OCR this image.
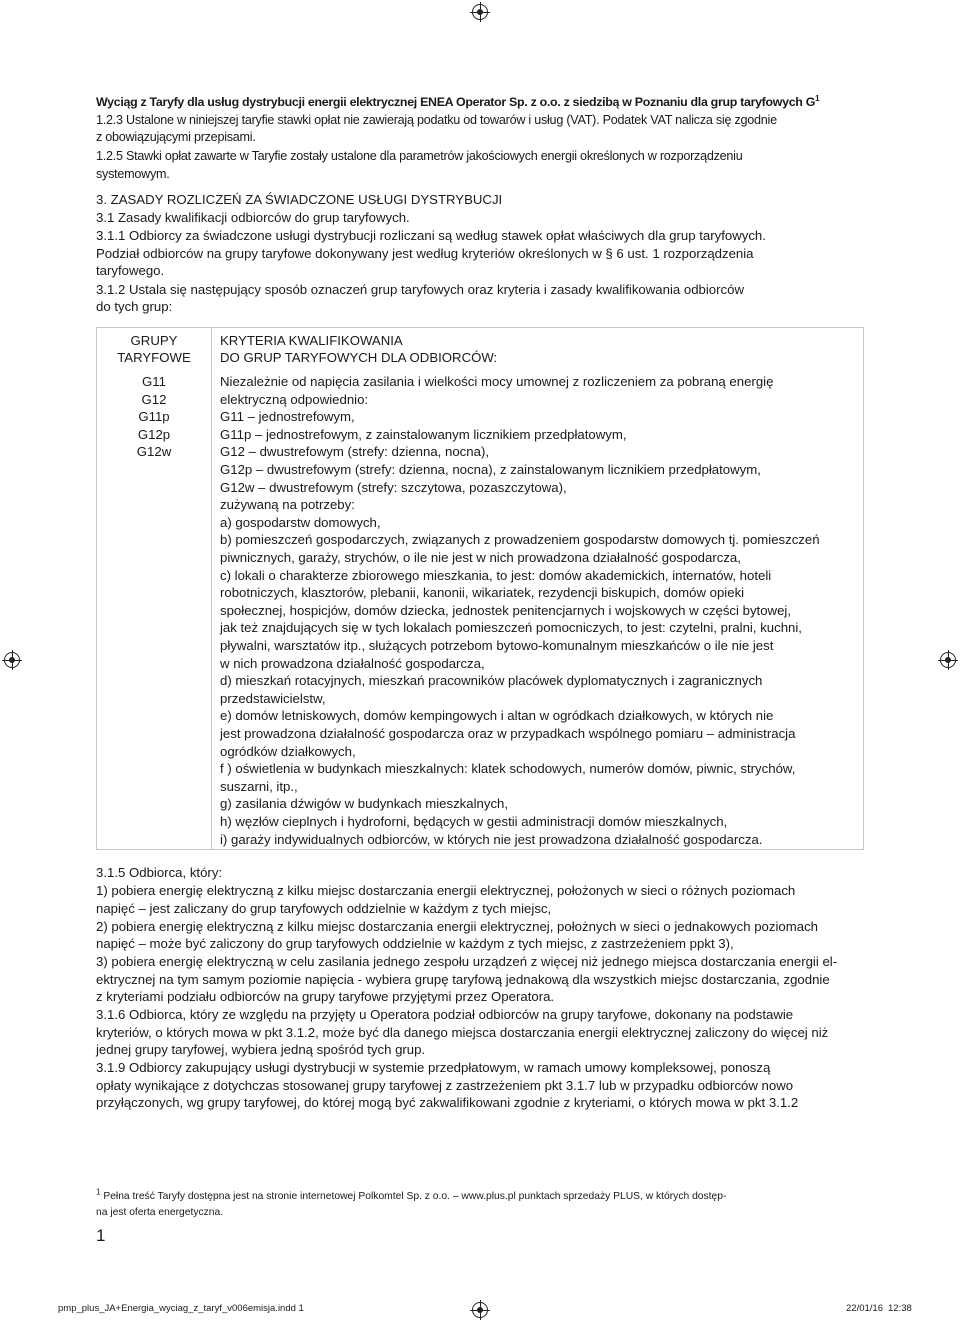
Wyciąg z Taryfy dla usług dystrybucji energii elektrycznej ENEA Operator Sp. z o.o. z siedzibą w Poznaniu dla grup taryfowych $G^1$
1.2.3 Ustalone w niniejszej taryfie stawki opłat nie zawierają podatku od towarów i usług (VAT). Podatek VAT nalicza się zgodnie
z obowiązującymi przepisami.
1.2.5 Stawki opłat zawarte w Taryfie zostały ustalone dla parametrów jakościowych energii określonych w rozporządzeniu
systemowym.
3. ZASADY ROZLICZEŃ ZA ŚWIADCZONE USŁUGI DYSTRYBUCJI
3.1 Zasady kwalifikacji odbiorców do grup taryfowych.
3.1.1 Odbiorcy za świadczone usługi dystrybucji rozliczani są według stawek opłat właściwych dla grup taryfowych.
Podział odbiorców na grupy taryfowe dokonywany jest według kryteriów określonych w § 6 ust. 1 rozporządzenia
taryfowego.
3.1.2 Ustala się następujący sposób oznaczeń grup taryfowych oraz kryteria i zasady kwalifikowania odbiorców
do tych grup:
GRUPY
TARYFOWE
KRYTERIA KWALIFIKOWANIA
DO GRUP TARYFOWYCH DLA ODBIORCÓW:
G11
G12
G11p
G12p
G12w
Niezależnie od napięcia zasilania i wielkości mocy umownej z rozliczeniem za pobraną energię
elektryczną odpowiednio:
G11 – jednostrefowym,
G11p – jednostrefowym, z zainstalowanym licznikiem przedpłatowym,
G12 – dwustrefowym (strefy: dzienna, nocna),
G12p – dwustrefowym (strefy: dzienna, nocna), z zainstalowanym licznikiem przedpłatowym,
G12w – dwustrefowym (strefy: szczytowa, pozaszczytowa),
zużywaną na potrzeby:
a) gospodarstw domowych,
b) pomieszczeń gospodarczych, związanych z prowadzeniem gospodarstw domowych tj. pomieszczeń
piwnicznych, garaży, strychów, o ile nie jest w nich prowadzona działalność gospodarcza,
c) lokali o charakterze zbiorowego mieszkania, to jest: domów akademickich, internatów, hoteli
robotniczych, klasztorów, plebanii, kanonii, wikariatek, rezydencji biskupich, domów opieki
społecznej, hospicjów, domów dziecka, jednostek penitencjarnych i wojskowych w części bytowej,
jak też znajdujących się w tych lokalach pomieszczeń pomocniczych, to jest: czytelni, pralni, kuchni,
pływalni, warsztatów itp., służących potrzebom bytowo-komunalnym mieszkańców o ile nie jest
w nich prowadzona działalność gospodarcza,
d) mieszkań rotacyjnych, mieszkań pracowników placówek dyplomatycznych i zagranicznych
przedstawicielstw,
e) domów letniskowych, domów kempingowych i altan w ogródkach działkowych, w których nie
jest prowadzona działalność gospodarcza oraz w przypadkach wspólnego pomiaru – administracja
ogródków działkowych,
f ) oświetlenia w budynkach mieszkalnych: klatek schodowych, numerów domów, piwnic, strychów,
suszarni, itp.,
g) zasilania dźwigów w budynkach mieszkalnych,
h) węzłów cieplnych i hydroforni, będących w gestii administracji domów mieszkalnych,
i) garaży indywidualnych odbiorców, w których nie jest prowadzona działalność gospodarcza.
3.1.5 Odbiorca, który:
1) pobiera energię elektryczną z kilku miejsc dostarczania energii elektrycznej, położonych w sieci o różnych poziomach
napięć – jest zaliczany do grup taryfowych oddzielnie w każdym z tych miejsc,
2) pobiera energię elektryczną z kilku miejsc dostarczania energii elektrycznej, położnych w sieci o jednakowych poziomach
napięć – może być zaliczony do grup taryfowych oddzielnie w każdym z tych miejsc, z zastrzeżeniem ppkt 3),
3) pobiera energię elektryczną w celu zasilania jednego zespołu urządzeń z więcej niż jednego miejsca dostarczania energii el-
ektrycznej na tym samym poziomie napięcia - wybiera grupę taryfową jednakową dla wszystkich miejsc dostarczania, zgodnie
z kryteriami podziału odbiorców na grupy taryfowe przyjętymi przez Operatora.
3.1.6 Odbiorca, który ze względu na przyjęty u Operatora podział odbiorców na grupy taryfowe, dokonany na podstawie
kryteriów, o których mowa w pkt 3.1.2, może być dla danego miejsca dostarczania energii elektrycznej zaliczony do więcej niż
jednej grupy taryfowej, wybiera jedną spośród tych grup.
3.1.9 Odbiorcy zakupujący usługi dystrybucji w systemie przedpłatowym, w ramach umowy kompleksowej, ponoszą
opłaty wynikające z dotychczas stosowanej grupy taryfowej z zastrzeżeniem pkt 3.1.7 lub w przypadku odbiorców nowo
przyłączonych, wg grupy taryfowej, do której mogą być zakwalifikowani zgodnie z kryteriami, o których mowa w pkt 3.1.2
$^1$ Pełna treść Taryfy dostępna jest na stronie internetowej Polkomtel Sp. z o.o. – www.plus.pl punktach sprzedaży PLUS, w których dostęp-
na jest oferta energetyczna.
1
pmp_plus_JA+Energia_wyciag_z_taryf_v006emisja.indd 1	22/01/16 12:38
